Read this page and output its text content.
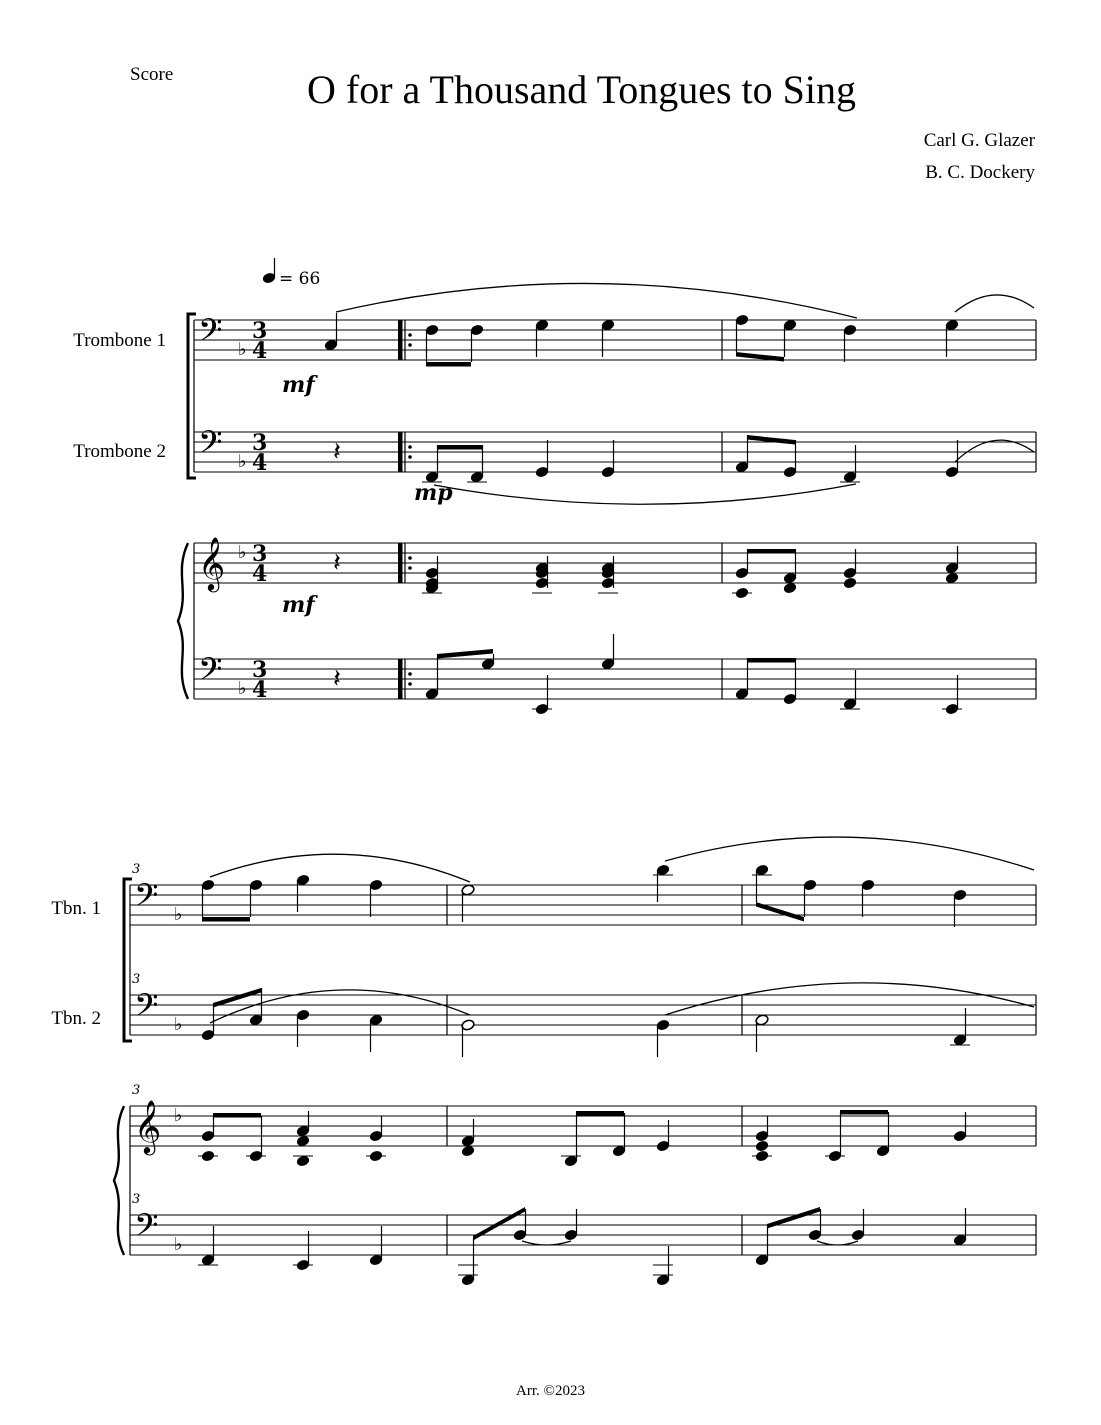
Score	O for a Thousand Tongues to Sing
Carl G. Glazer
B. C. Dockery
Arr. ©2023
Trombone 1
Trombone 2
= 66
𝄢 ♭
3
4
𝄢 ♭
3
4
𝄞 ♭ 3
4
𝄢 ♭
3
4
mf
𝄽
mp
𝄽
mf
𝄽
Tbn. 1
Tbn. 2
3
𝄢 ♭
3
𝄢 ♭
3
𝄞 ♭
3
𝄢 ♭
